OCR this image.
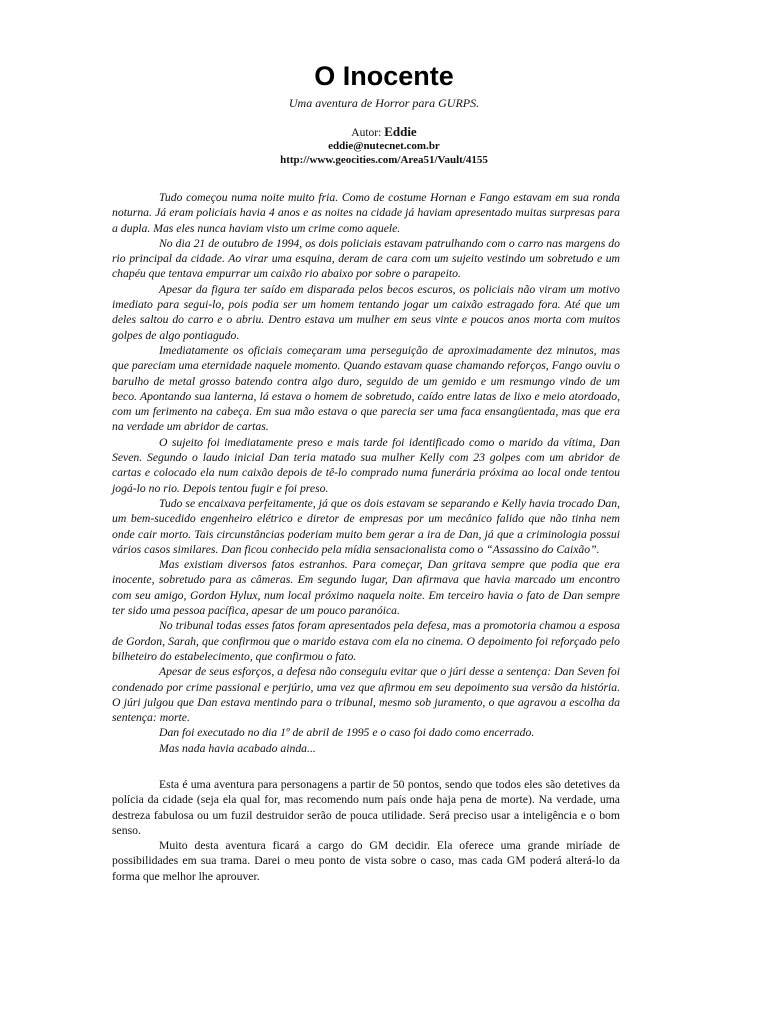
O Inocente
Uma aventura de Horror para GURPS.
Autor: Eddie
eddie@nutecnet.com.br
http://www.geocities.com/Area51/Vault/4155

Tudo começou numa noite muito fria. Como de costume Hornan e Fango estavam em sua ronda noturna. Já eram policiais havia 4 anos e as noites na cidade já haviam apresentado muitas surpresas para a dupla. Mas eles nunca haviam visto um crime como aquele.

No dia 21 de outubro de 1994, os dois policiais estavam patrulhando com o carro nas margens do rio principal da cidade. Ao virar uma esquina, deram de cara com um sujeito vestindo um sobretudo e um chapéu que tentava empurrar um caixão rio abaixo por sobre o parapeito.

Apesar da figura ter saído em disparada pelos becos escuros, os policiais não viram um motivo imediato para segui-lo, pois podia ser um homem tentando jogar um caixão estragado fora. Até que um deles saltou do carro e o abriu. Dentro estava um mulher em seus vinte e poucos anos morta com muitos golpes de algo pontiagudo.

Imediatamente os oficiais começaram uma perseguição de aproximadamente dez minutos, mas que pareciam uma eternidade naquele momento. Quando estavam quase chamando reforços, Fango ouviu o barulho de metal grosso batendo contra algo duro, seguido de um gemido e um resmungo vindo de um beco. Apontando sua lanterna, lá estava o homem de sobretudo, caído entre latas de lixo e meio atordoado, com um ferimento na cabeça. Em sua mão estava o que parecia ser uma faca ensangüentada, mas que era na verdade um abridor de cartas.

O sujeito foi imediatamente preso e mais tarde foi identificado como o marido da vítima, Dan Seven. Segundo o laudo inicial Dan teria matado sua mulher Kelly com 23 golpes com um abridor de cartas e colocado ela num caixão depois de tê-lo comprado numa funerária próxima ao local onde tentou jogá-lo no rio. Depois tentou fugir e foi preso.

Tudo se encaixava perfeitamente, já que os dois estavam se separando e Kelly havia trocado Dan, um bem-sucedido engenheiro elétrico e diretor de empresas por um mecânico falido que não tinha nem onde cair morto. Tais circunstâncias poderiam muito bem gerar a ira de Dan, já que a criminologia possui vários casos similares. Dan ficou conhecido pela mídia sensacionalista como o “Assassino do Caixão”.

Mas existiam diversos fatos estranhos. Para começar, Dan gritava sempre que podia que era inocente, sobretudo para as câmeras. Em segundo lugar, Dan afirmava que havia marcado um encontro com seu amigo, Gordon Hylux, num local próximo naquela noite. Em terceiro havia o fato de Dan sempre ter sido uma pessoa pacífica, apesar de um pouco paranóica.

No tribunal todas esses fatos foram apresentados pela defesa, mas a promotoria chamou a esposa de Gordon, Sarah, que confirmou que o marido estava com ela no cinema. O depoimento foi reforçado pelo bilheteiro do estabelecimento, que confirmou o fato.

Apesar de seus esforços, a defesa não conseguiu evitar que o júri desse a sentença: Dan Seven foi condenado por crime passional e perjúrio, uma vez que afirmou em seu depoimento sua versão da história. O júri julgou que Dan estava mentindo para o tribunal, mesmo sob juramento, o que agravou a escolha da sentença: morte.

Dan foi executado no dia 1º de abril de 1995 e o caso foi dado como encerrado.

Mas nada havia acabado ainda...

Esta é uma aventura para personagens a partir de 50 pontos, sendo que todos eles são detetives da polícia da cidade (seja ela qual for, mas recomendo num país onde haja pena de morte). Na verdade, uma destreza fabulosa ou um fuzil destruidor serão de pouca utilidade. Será preciso usar a inteligência e o bom senso.

Muito desta aventura ficará a cargo do GM decidir. Ela oferece uma grande miríade de possibilidades em sua trama. Darei o meu ponto de vista sobre o caso, mas cada GM poderá alterá-lo da forma que melhor lhe aprouver.
